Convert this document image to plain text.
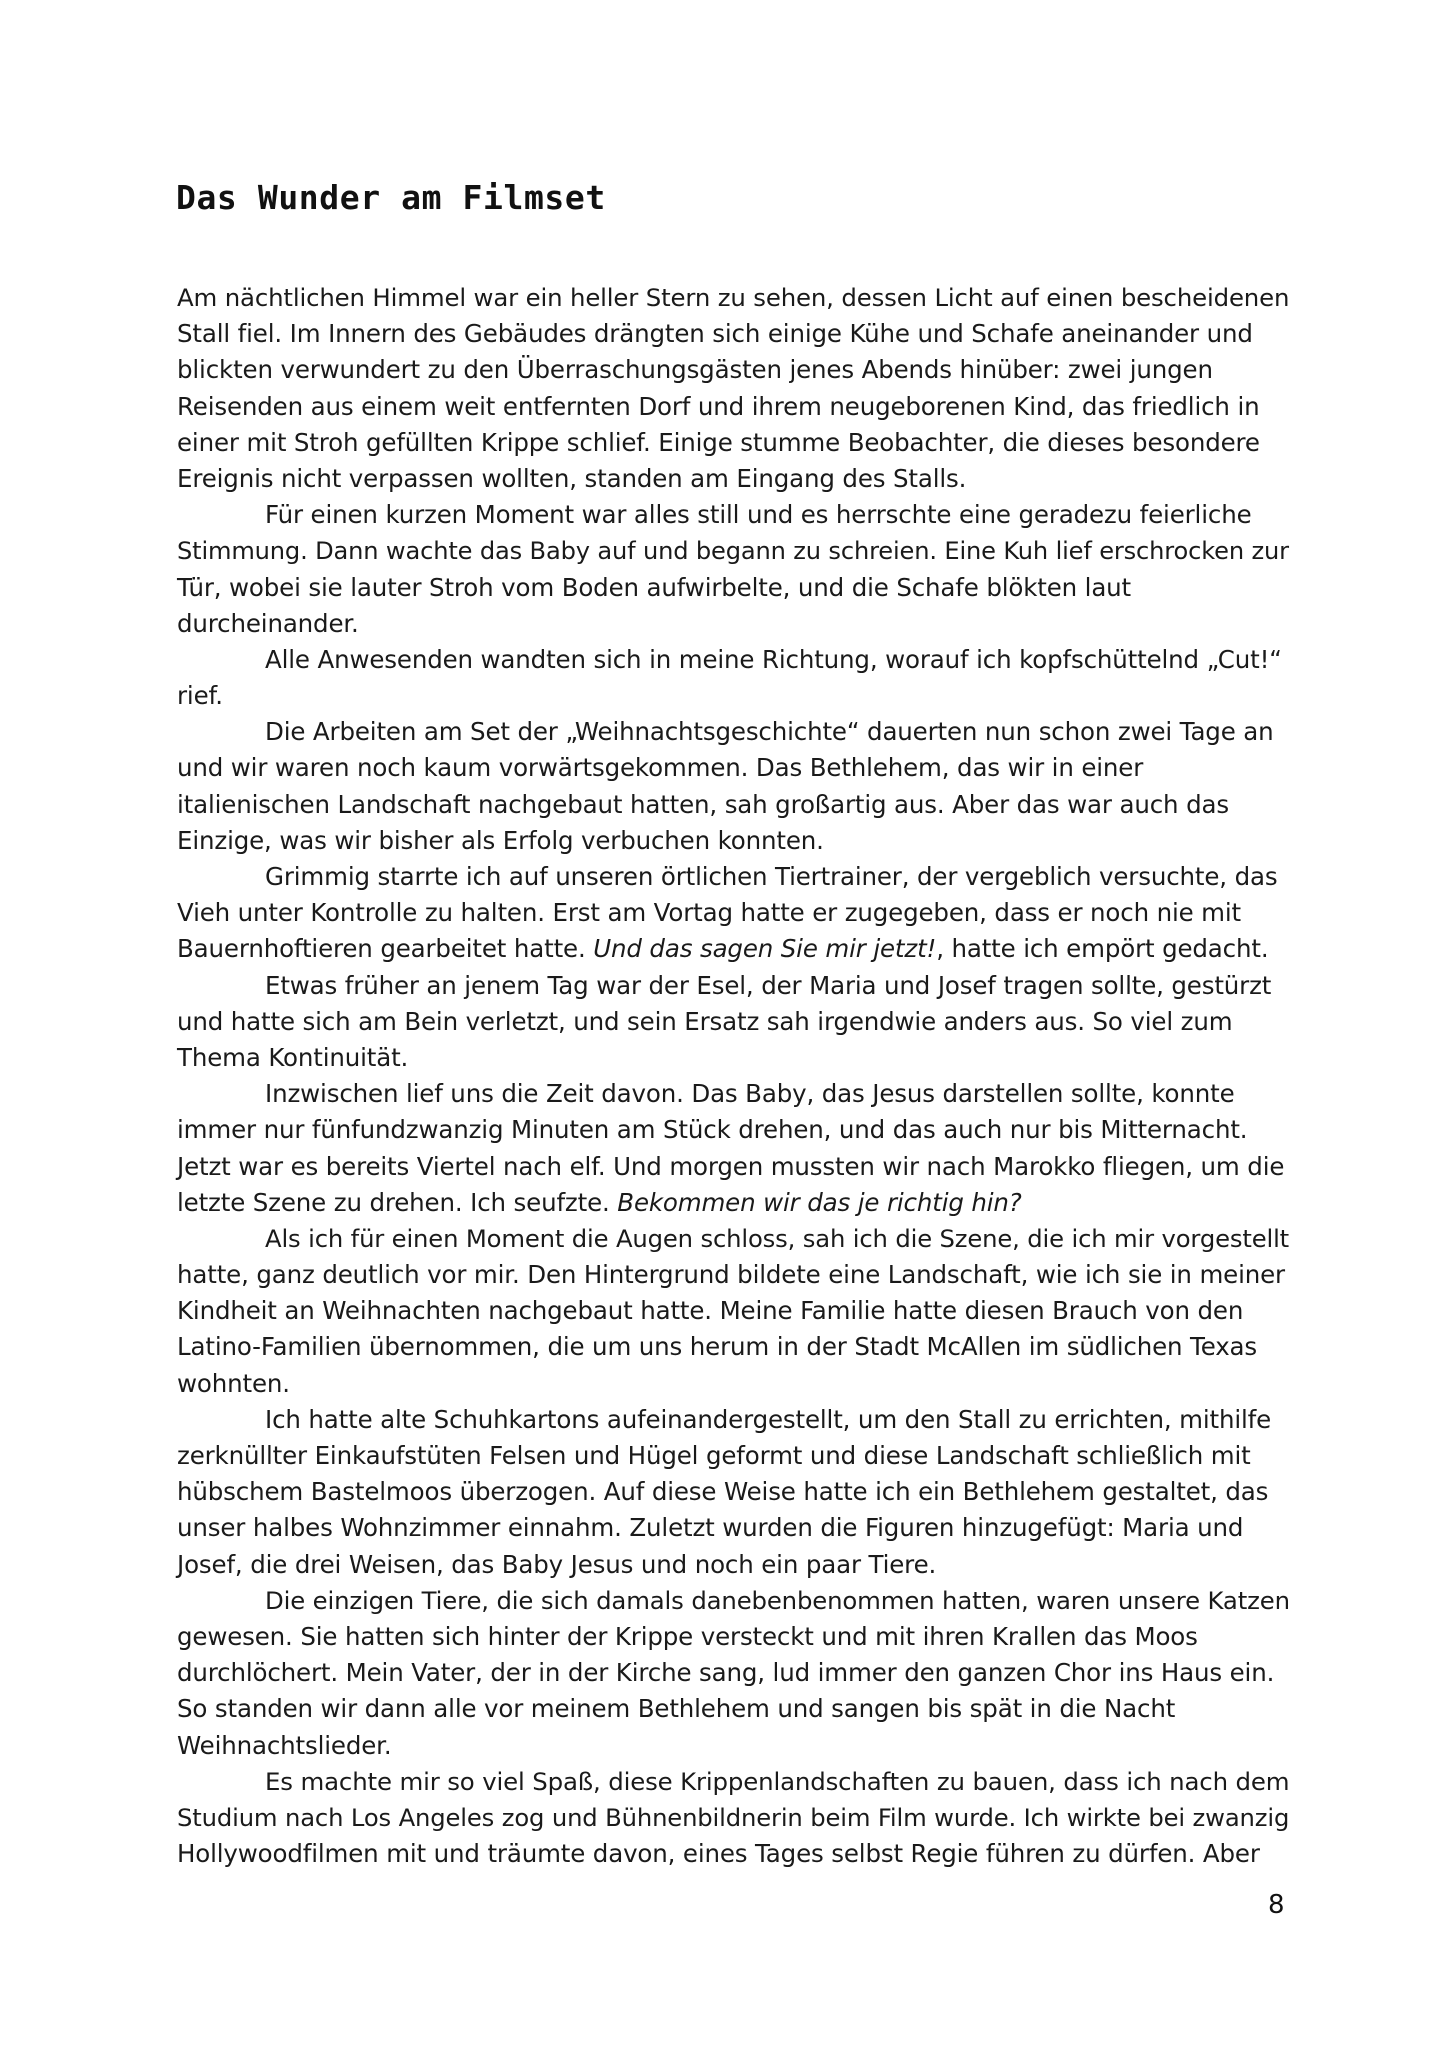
Das Wunder am Filmset
Am nächtlichen Himmel war ein heller Stern zu sehen, dessen Licht auf einen bescheidenen
Stall fiel. Im Innern des Gebäudes drängten sich einige Kühe und Schafe aneinander und
blickten verwundert zu den Überraschungsgästen jenes Abends hinüber: zwei jungen
Reisenden aus einem weit entfernten Dorf und ihrem neugeborenen Kind, das friedlich in
einer mit Stroh gefüllten Krippe schlief. Einige stumme Beobachter, die dieses besondere
Ereignis nicht verpassen wollten, standen am Eingang des Stalls.
Für einen kurzen Moment war alles still und es herrschte eine geradezu feierliche
Stimmung. Dann wachte das Baby auf und begann zu schreien. Eine Kuh lief erschrocken zur
Tür, wobei sie lauter Stroh vom Boden aufwirbelte, und die Schafe blökten laut
durcheinander.
Alle Anwesenden wandten sich in meine Richtung, worauf ich kopfschüttelnd „Cut!“
rief.
Die Arbeiten am Set der „Weihnachtsgeschichte“ dauerten nun schon zwei Tage an
und wir waren noch kaum vorwärtsgekommen. Das Bethlehem, das wir in einer
italienischen Landschaft nachgebaut hatten, sah großartig aus. Aber das war auch das
Einzige, was wir bisher als Erfolg verbuchen konnten.
Grimmig starrte ich auf unseren örtlichen Tiertrainer, der vergeblich versuchte, das
Vieh unter Kontrolle zu halten. Erst am Vortag hatte er zugegeben, dass er noch nie mit
Bauernhoftieren gearbeitet hatte. Und das sagen Sie mir jetzt!, hatte ich empört gedacht.
Etwas früher an jenem Tag war der Esel, der Maria und Josef tragen sollte, gestürzt
und hatte sich am Bein verletzt, und sein Ersatz sah irgendwie anders aus. So viel zum
Thema Kontinuität.
Inzwischen lief uns die Zeit davon. Das Baby, das Jesus darstellen sollte, konnte
immer nur fünfundzwanzig Minuten am Stück drehen, und das auch nur bis Mitternacht.
Jetzt war es bereits Viertel nach elf. Und morgen mussten wir nach Marokko fliegen, um die
letzte Szene zu drehen. Ich seufzte. Bekommen wir das je richtig hin?
Als ich für einen Moment die Augen schloss, sah ich die Szene, die ich mir vorgestellt
hatte, ganz deutlich vor mir. Den Hintergrund bildete eine Landschaft, wie ich sie in meiner
Kindheit an Weihnachten nachgebaut hatte. Meine Familie hatte diesen Brauch von den
Latino-Familien übernommen, die um uns herum in der Stadt McAllen im südlichen Texas
wohnten.
Ich hatte alte Schuhkartons aufeinandergestellt, um den Stall zu errichten, mithilfe
zerknüllter Einkaufstüten Felsen und Hügel geformt und diese Landschaft schließlich mit
hübschem Bastelmoos überzogen. Auf diese Weise hatte ich ein Bethlehem gestaltet, das
unser halbes Wohnzimmer einnahm. Zuletzt wurden die Figuren hinzugefügt: Maria und
Josef, die drei Weisen, das Baby Jesus und noch ein paar Tiere.
Die einzigen Tiere, die sich damals danebenbenommen hatten, waren unsere Katzen
gewesen. Sie hatten sich hinter der Krippe versteckt und mit ihren Krallen das Moos
durchlöchert. Mein Vater, der in der Kirche sang, lud immer den ganzen Chor ins Haus ein.
So standen wir dann alle vor meinem Bethlehem und sangen bis spät in die Nacht
Weihnachtslieder.
Es machte mir so viel Spaß, diese Krippenlandschaften zu bauen, dass ich nach dem
Studium nach Los Angeles zog und Bühnenbildnerin beim Film wurde. Ich wirkte bei zwanzig
Hollywoodfilmen mit und träumte davon, eines Tages selbst Regie führen zu dürfen. Aber
8
